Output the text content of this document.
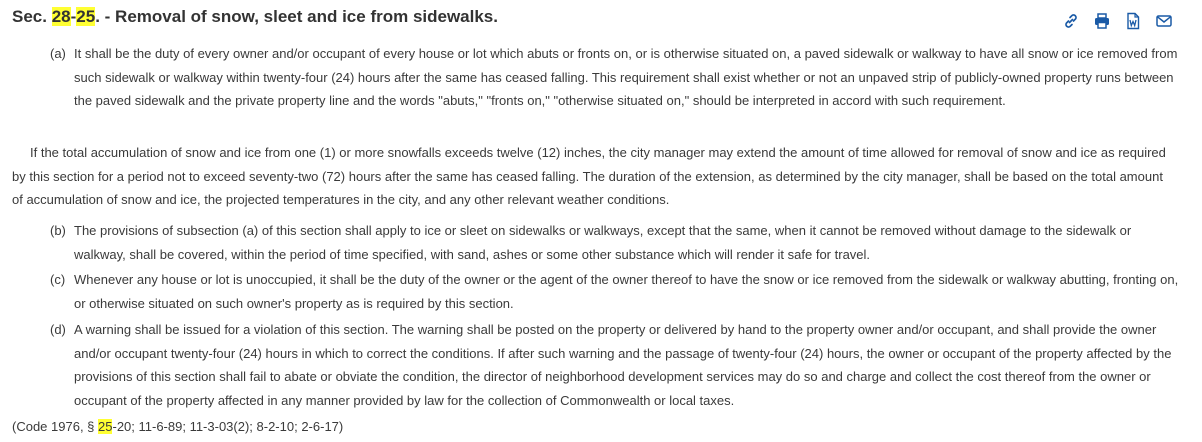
Sec. 28-25. - Removal of snow, sleet and ice from sidewalks.
(a) It shall be the duty of every owner and/or occupant of every house or lot which abuts or fronts on, or is otherwise situated on, a paved sidewalk or walkway to have all snow or ice removed from such sidewalk or walkway within twenty-four (24) hours after the same has ceased falling. This requirement shall exist whether or not an unpaved strip of publicly-owned property runs between the paved sidewalk and the private property line and the words "abuts," "fronts on," "otherwise situated on," should be interpreted in accord with such requirement.
If the total accumulation of snow and ice from one (1) or more snowfalls exceeds twelve (12) inches, the city manager may extend the amount of time allowed for removal of snow and ice as required by this section for a period not to exceed seventy-two (72) hours after the same has ceased falling. The duration of the extension, as determined by the city manager, shall be based on the total amount of accumulation of snow and ice, the projected temperatures in the city, and any other relevant weather conditions.
(b) The provisions of subsection (a) of this section shall apply to ice or sleet on sidewalks or walkways, except that the same, when it cannot be removed without damage to the sidewalk or walkway, shall be covered, within the period of time specified, with sand, ashes or some other substance which will render it safe for travel.
(c) Whenever any house or lot is unoccupied, it shall be the duty of the owner or the agent of the owner thereof to have the snow or ice removed from the sidewalk or walkway abutting, fronting on, or otherwise situated on such owner's property as is required by this section.
(d) A warning shall be issued for a violation of this section. The warning shall be posted on the property or delivered by hand to the property owner and/or occupant, and shall provide the owner and/or occupant twenty-four (24) hours in which to correct the conditions. If after such warning and the passage of twenty-four (24) hours, the owner or occupant of the property affected by the provisions of this section shall fail to abate or obviate the condition, the director of neighborhood development services may do so and charge and collect the cost thereof from the owner or occupant of the property affected in any manner provided by law for the collection of Commonwealth or local taxes.
(Code 1976, § 25-20; 11-6-89; 11-3-03(2); 8-2-10; 2-6-17)
